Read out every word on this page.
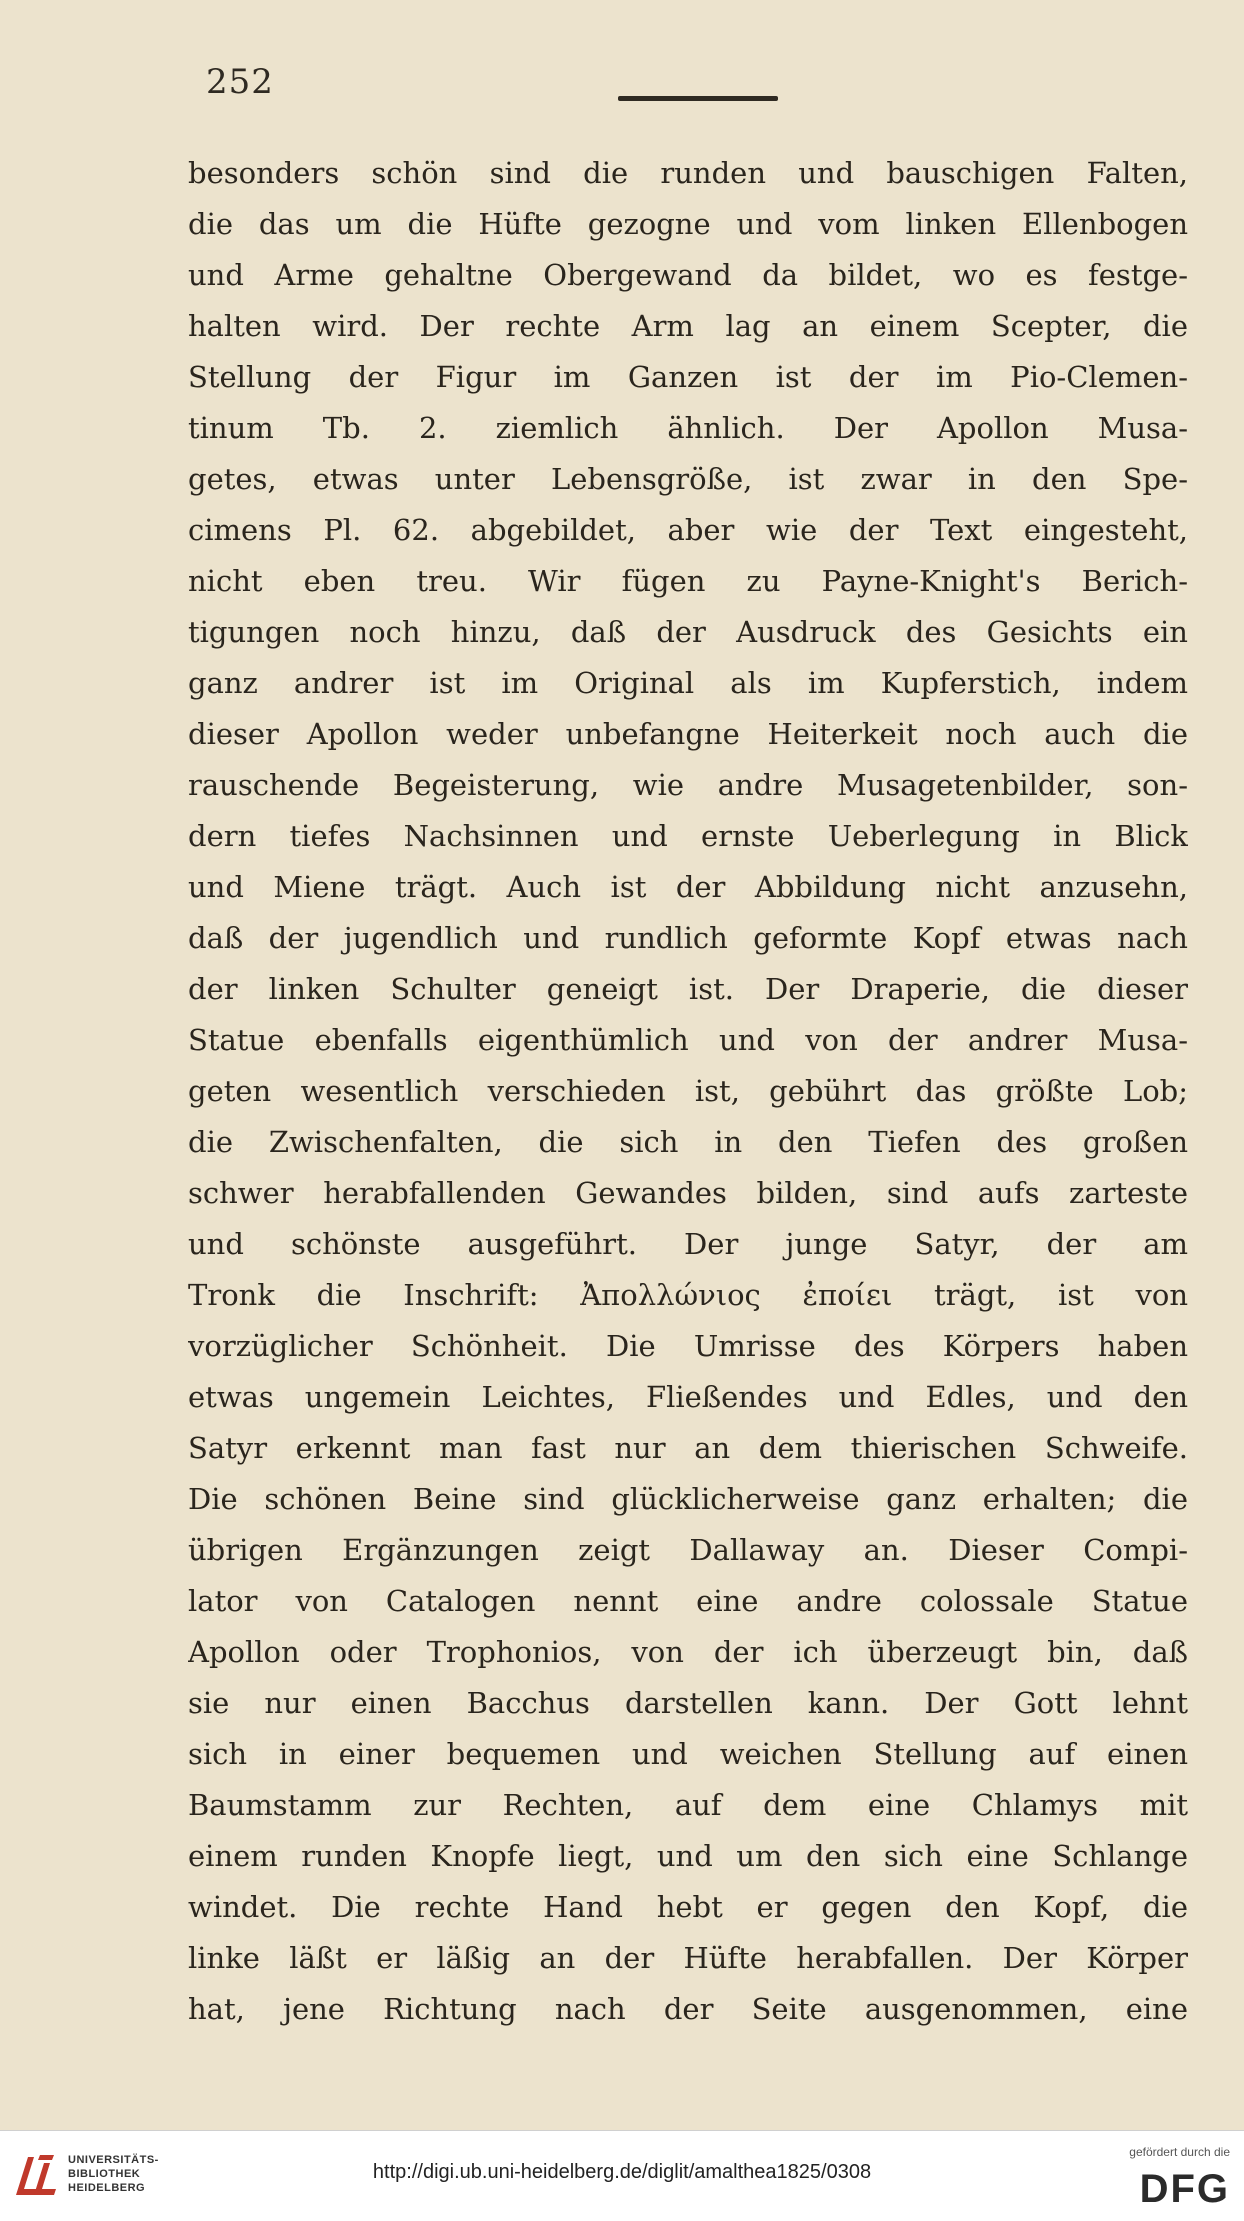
252
besonders schön sind die runden und bauschigen Falten,
die das um die Hüfte gezogne und vom linken Ellenbogen
und Arme gehaltne Obergewand da bildet, wo es festge-
halten wird. Der rechte Arm lag an einem Scepter, die
Stellung der Figur im Ganzen ist der im Pio-Clemen-
tinum Tb. 2. ziemlich ähnlich. Der Apollon Musa-
getes, etwas unter Lebensgröße, ist zwar in den Spe-
cimens Pl. 62. abgebildet, aber wie der Text eingesteht,
nicht eben treu. Wir fügen zu Payne-Knight's Berich-
tigungen noch hinzu, daß der Ausdruck des Gesichts ein
ganz andrer ist im Original als im Kupferstich, indem
dieser Apollon weder unbefangne Heiterkeit noch auch die
rauschende Begeisterung, wie andre Musagetenbilder, son-
dern tiefes Nachsinnen und ernste Ueberlegung in Blick
und Miene trägt. Auch ist der Abbildung nicht anzusehn,
daß der jugendlich und rundlich geformte Kopf etwas nach
der linken Schulter geneigt ist. Der Draperie, die dieser
Statue ebenfalls eigenthümlich und von der andrer Musa-
geten wesentlich verschieden ist, gebührt das größte Lob;
die Zwischenfalten, die sich in den Tiefen des großen
schwer herabfallenden Gewandes bilden, sind aufs zarteste
und schönste ausgeführt. Der junge Satyr, der am
Tronk die Inschrift: Ἀπολλώνιος ἐποίει trägt, ist von
vorzüglicher Schönheit. Die Umrisse des Körpers haben
etwas ungemein Leichtes, Fließendes und Edles, und den
Satyr erkennt man fast nur an dem thierischen Schweife.
Die schönen Beine sind glücklicherweise ganz erhalten; die
übrigen Ergänzungen zeigt Dallaway an. Dieser Compi-
lator von Catalogen nennt eine andre colossale Statue
Apollon oder Trophonios, von der ich überzeugt bin, daß
sie nur einen Bacchus darstellen kann. Der Gott lehnt
sich in einer bequemen und weichen Stellung auf einen
Baumstamm zur Rechten, auf dem eine Chlamys mit
einem runden Knopfe liegt, und um den sich eine Schlange
windet. Die rechte Hand hebt er gegen den Kopf, die
linke läßt er läßig an der Hüfte herabfallen. Der Körper
hat, jene Richtung nach der Seite ausgenommen, eine
UNIVERSITÄTS-
BIBLIOTHEK
HEIDELBERG
http://digi.ub.uni-heidelberg.de/diglit/amalthea1825/0308
gefördert durch die
DFG
